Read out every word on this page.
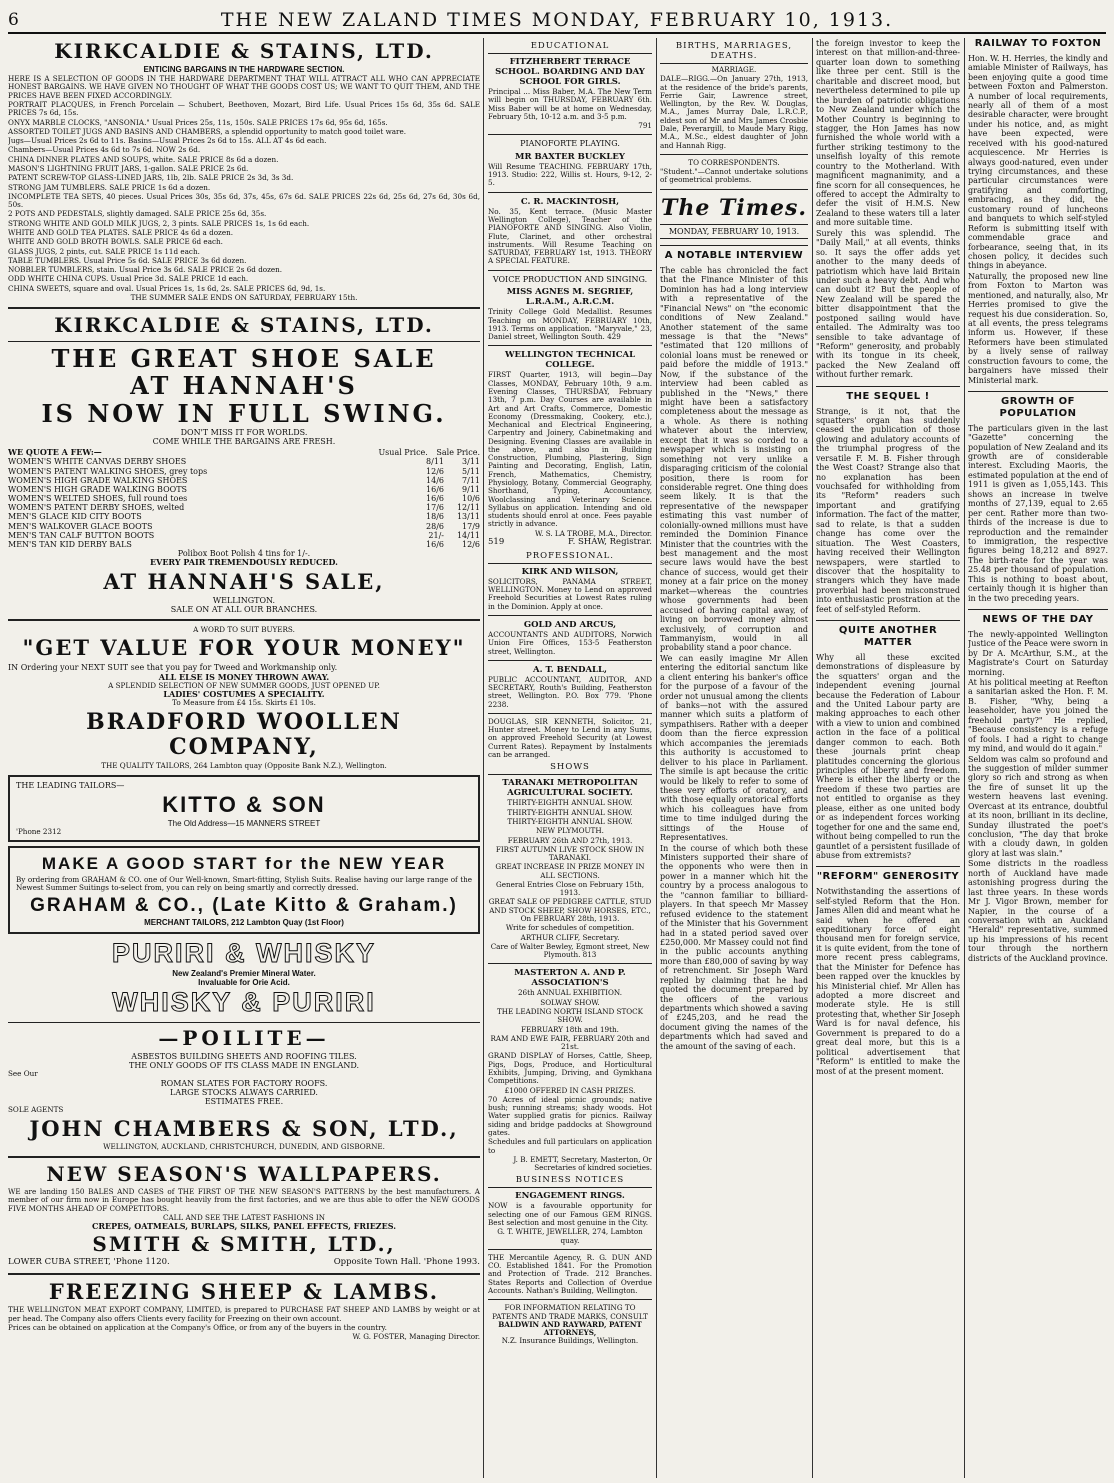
6	THE NEW ZALAND TIMES MONDAY, FEBRUARY 10, 1913.
KIRKCALDIE & STAINS, LTD.
ENTICING BARGAINS IN THE HARDWARE SECTION.

HERE IS A SELECTION OF GOODS IN THE HARDWARE DEPARTMENT THAT WILL ATTRACT ALL WHO CAN APPRECIATE HONEST BARGAINS. WE HAVE GIVEN NO THOUGHT OF WHAT THE GOODS COST US; WE WANT TO QUIT THEM, AND THE PRICES HAVE BEEN FIXED ACCORDINGLY.

PORTRAIT PLACQUES, in French Porcelain — Schubert, Beethoven, Mozart, Bird Life. Usual Prices 15s 6d, 35s 6d. SALE PRICES 7s 6d, 15s.

ONYX MARBLE CLOCKS, "ANSONIA." Usual Prices 25s, 11s, 150s. SALE PRICES 17s 6d, 95s 6d, 165s.

ASSORTED TOILET JUGS AND BASINS AND CHAMBERS, a splendid opportunity to match good toilet ware.

Jugs—Usual Prices 2s 6d to 11s. Basins—Usual Prices 2s 6d to 15s. ALL AT 4s 6d each.

Chambers—Usual Prices 4s 6d to 7s 6d. NOW 2s 6d.

CHINA DINNER PLATES AND SOUPS, white. SALE PRICE 8s 6d a dozen.

MASON'S LIGHTNING FRUIT JARS, 1-gallon. SALE PRICE 2s 6d.

PATENT SCREW-TOP GLASS-LINED JARS, 1lb, 2lb. SALE PRICE 2s 3d, 3s 3d.

STRONG JAM TUMBLERS. SALE PRICE 1s 6d a dozen.

INCOMPLETE TEA SETS, 40 pieces. Usual Prices 30s, 35s 6d, 37s, 45s, 67s 6d. SALE PRICES 22s 6d, 25s 6d, 27s 6d, 30s 6d, 50s.

2 POTS AND PEDESTALS, slightly damaged. SALE PRICE 25s 6d, 35s.

STRONG WHITE AND GOLD MILK JUGS, 2, 3 pints. SALE PRICES 1s, 1s 6d each.

WHITE AND GOLD TEA PLATES. SALE PRICE 4s 6d a dozen.

WHITE AND GOLD BROTH BOWLS. SALE PRICE 6d each.

GLASS JUGS, 2 pints, cut. SALE PRICE 1s 11d each.

TABLE TUMBLERS. Usual Price 5s 6d. SALE PRICE 3s 6d dozen.

NOBBLER TUMBLERS, stain. Usual Price 3s 6d. SALE PRICE 2s 6d dozen.

ODD WHITE CHINA CUPS. Usual Price 3d. SALE PRICE 1d each.

CHINA SWEETS, square and oval. Usual Prices 1s, 1s 6d, 2s. SALE PRICES 6d, 9d, 1s.

THE SUMMER SALE ENDS ON SATURDAY, FEBRUARY 15th.
KIRKCALDIE & STAINS, LTD.
THE GREAT SHOE SALE
AT HANNAH'S
IS NOW IN FULL SWING.
DON'T MISS IT FOR WORLDS.
COME WHILE THE BARGAINS ARE FRESH.
WE QUOTE A FEW:—	Usual Price. Sale Price.
WOMEN'S WHITE CANVAS DERBY SHOES	8/11	3/11
WOMEN'S PATENT WALKING SHOES, grey tops	12/6	5/11
WOMEN'S HIGH GRADE WALKING SHOES	14/6	7/11
WOMEN'S HIGH GRADE WALKING BOOTS	16/6	9/11
WOMEN'S WELTED SHOES, full round toes	16/6	10/6
WOMEN'S PATENT DERBY SHOES, welted	17/6	12/11
MEN'S GLACE KID CITY BOOTS	18/6	13/11
MEN'S WALKOVER GLACE BOOTS	28/6	17/9
MEN'S TAN CALF BUTTON BOOTS	21/-	14/11
MEN'S TAN KID DERBY BALS	16/6	12/6
Polibox Boot Polish 4 tins for 1/-.
EVERY PAIR TREMENDOUSLY REDUCED.
AT HANNAH'S SALE,
WELLINGTON.
SALE ON AT ALL OUR BRANCHES.
A WORD TO SUIT BUYERS.
"GET VALUE FOR YOUR MONEY"

IN Ordering your NEXT SUIT see that you pay for Tweed and Workmanship only.

ALL ELSE IS MONEY THROWN AWAY.
A SPLENDID SELECTION OF NEW SUMMER GOODS, JUST OPENED UP.
LADIES' COSTUMES A SPECIALITY.
To Measure from £4 15s. Skirts £1 10s.
BRADFORD WOOLLEN COMPANY,
THE QUALITY TAILORS, 264 Lambton quay (Opposite Bank N.Z.), Wellington.
THE LEADING TAILORS—
KITTO & SON
The Old Address—15 MANNERS STREET
'Phone 2312
MAKE A GOOD START for the NEW YEAR

By ordering from GRAHAM & CO. one of Our Well-known, Smart-fitting, Stylish Suits. Realise having our large range of the Newest Summer Suitings to-select from, you can rely on being smartly and correctly dressed.

GRAHAM & CO., (Late Kitto & Graham.)
MERCHANT TAILORS, 212 Lambton Quay (1st Floor)
PURIRI & WHISKY
New Zealand's Premier Mineral Water.
Invaluable for Orie Acid.
WHISKY & PURIRI
—POILITE—
ASBESTOS BUILDING SHEETS AND ROOFING TILES.
THE ONLY GOODS OF ITS CLASS MADE IN ENGLAND.
See Our
ROMAN SLATES FOR FACTORY ROOFS.
LARGE STOCKS ALWAYS CARRIED.
ESTIMATES FREE.
SOLE AGENTS
JOHN CHAMBERS & SON, LTD.,
WELLINGTON, AUCKLAND, CHRISTCHURCH, DUNEDIN, AND GISBORNE.
NEW SEASON'S WALLPAPERS.

WE are landing 150 BALES AND CASES of THE FIRST OF THE NEW SEASON'S PATTERNS by the best manufacturers. A member of our firm now in Europe has bought heavily from the first factories, and we are thus able to offer the NEW GOODS FIVE MONTHS AHEAD OF COMPETITORS.

CALL AND SEE THE LATEST FASHIONS IN
CREPES, OATMEALS, BURLAPS, SILKS, PANEL EFFECTS, FRIEZES.
SMITH & SMITH, LTD.,
LOWER CUBA STREET, 'Phone 1120.	Opposite Town Hall. 'Phone 1993.
FREEZING SHEEP & LAMBS.

THE WELLINGTON MEAT EXPORT COMPANY, LIMITED, is prepared to PURCHASE FAT SHEEP AND LAMBS by weight or at per head. The Company also offers Clients every facility for Freezing on their own account.

Prices can be obtained on application at the Company's Office, or from any of the buyers in the country.

W. G. FOSTER, Managing Director.
EDUCATIONAL
FITZHERBERT TERRACE SCHOOL. BOARDING AND DAY SCHOOL FOR GIRLS.

Principal ... Miss Baber, M.A. The New Term will begin on THURSDAY, FEBRUARY 6th. Miss Baber will be at home on Wednesday, February 5th, 10-12 a.m. and 3-5 p.m.

791
PIANOFORTE PLAYING.
MR BAXTER BUCKLEY

Will Resume TEACHING. FEBRUARY 17th, 1913. Studio: 222, Willis st. Hours, 9-12, 2-5.

C. R. MACKINTOSH,

No. 35, Kent terrace. (Music Master Wellington College), Teacher of the PIANOFORTE AND SINGING. Also Violin, Flute, Clarinet, and other orchestral instruments. Will Resume Teaching on SATURDAY, FEBRUARY 1st, 1913. THEORY A SPECIAL FEATURE.

VOICE PRODUCTION AND SINGING.
MISS AGNES M. SEGRIEF, L.R.A.M., A.R.C.M.

Trinity College Gold Medallist. Resumes Teaching on MONDAY, FEBRUARY 10th, 1913. Terms on application. "Maryvale," 23, Daniel street, Wellington South. 429

WELLINGTON TECHNICAL COLLEGE.

FIRST Quarter, 1913, will begin—Day Classes, MONDAY, February 10th, 9 a.m. Evening Classes, THURSDAY, February 13th, 7 p.m. Day Courses are available in Art and Art Crafts, Commerce, Domestic Economy (Dressmaking, Cookery, etc.), Mechanical and Electrical Engineering, Carpentry and Joinery, Cabinetmaking and Designing. Evening Classes are available in the above, and also in Building Construction, Plumbing, Plastering, Sign Painting and Decorating, English, Latin, French, Mathematics, Chemistry, Physiology, Botany, Commercial Geography, Shorthand, Typing, Accountancy, Woolclassing and Veterinary Science. Syllabus on application. Intending and old students should enrol at once. Fees payable strictly in advance.

W. S. LA TROBE, M.A., Director.
519	F. SHAW, Registrar.
PROFESSIONAL.
KIRK AND WILSON,

SOLICITORS, PANAMA STREET, WELLINGTON. Money to Lend on approved Freehold Securities at Lowest Rates ruling in the Dominion. Apply at once.

GOLD AND ARCUS,

ACCOUNTANTS AND AUDITORS, Norwich Union Fire Offices, 153-5 Featherston street, Wellington.

A. T. BENDALL,

PUBLIC ACCOUNTANT, AUDITOR, AND SECRETARY, Routh's Building, Featherston street, Wellington. P.O. Box 779. 'Phone 2238.

DOUGLAS, SIR KENNETH, Solicitor, 21, Hunter street. Money to Lend in any Sums, on approved Freehold Security (at Lowest Current Rates). Repayment by Instalments can be arranged.

SHOWS
TARANAKI METROPOLITAN AGRICULTURAL SOCIETY.

THIRTY-EIGHTH ANNUAL SHOW.

THIRTY-EIGHTH ANNUAL SHOW.

THIRTY-EIGHTH ANNUAL SHOW.

NEW PLYMOUTH.

FEBRUARY 26th AND 27th, 1913.

FIRST AUTUMN LIVE STOCK SHOW IN TARANAKI.

GREAT INCREASE IN PRIZE MONEY IN ALL SECTIONS.

General Entries Close on February 15th, 1913.

GREAT SALE OF PEDIGREE CATTLE, STUD AND STOCK SHEEP, SHOW HORSES, ETC., On FEBRUARY 28th, 1913.

Write for schedules of competition.

ARTHUR CLIFF, Secretary.

Care of Walter Bewley, Egmont street, New Plymouth. 813

MASTERTON A. AND P. ASSOCIATION'S

26th ANNUAL EXHIBITION.

SOLWAY SHOW.

THE LEADING NORTH ISLAND STOCK SHOW.

FEBRUARY 18th and 19th.

RAM AND EWE FAIR, FEBRUARY 20th and 21st.

GRAND DISPLAY of Horses, Cattle, Sheep, Pigs, Dogs, Produce, and Horticultural Exhibits, Jumping, Driving, and Gymkhana Competitions.

£1000 OFFERED IN CASH PRIZES.

70 Acres of ideal picnic grounds; native bush; running streams; shady woods. Hot Water supplied gratis for picnics. Railway siding and bridge paddocks at Showground gates.

Schedules and full particulars on application to

J. B. EMETT, Secretary, Masterton, Or Secretaries of kindred societies.

BUSINESS NOTICES
ENGAGEMENT RINGS.

NOW is a favourable opportunity for selecting one of our Famous GEM RINGS. Best selection and most genuine in the City.

G. T. WHITE, JEWELLER, 274, Lambton quay.

THE Mercantile Agency, R. G. DUN AND CO. Established 1841. For the Promotion and Protection of Trade. 212 Branches. States Reports and Collection of Overdue Accounts. Nathan's Building, Wellington.

FOR INFORMATION RELATING TO PATENTS AND TRADE MARKS, CONSULT
BALDWIN AND RAYWARD, PATENT ATTORNEYS,
N.Z. Insurance Buildings, Wellington.
BIRTHS, MARRIAGES, DEATHS.
MARRIAGE.

DALE—RIGG.—On January 27th, 1913, at the residence of the bride's parents, Ferrie Gair, Lawrence street, Wellington, by the Rev. W. Douglas, M.A., James Murray Dale, L.R.C.P., eldest son of Mr and Mrs James Crosbie Dale, Peverargill, to Maude Mary Rigg, M.A., M.Sc., eldest daughter of John and Hannah Rigg.

TO CORRESPONDENTS.

"Student."—Cannot undertake solutions of geometrical problems.

The Times.
MONDAY, FEBRUARY 10, 1913.
A NOTABLE INTERVIEW

The cable has chronicled the fact that the Finance Minister of this Dominion has had a long interview with a representative of the "Financial News" on "the economic conditions of New Zealand." Another statement of the same message is that the "News" "estimated that 120 millions of colonial loans must be renewed or paid before the middle of 1913." Now, if the substance of the interview had been cabled as published in the "News," there might have been a satisfactory completeness about the message as a whole. As there is nothing whatever about the interview, except that it was so corded to a newspaper which is insisting on something not very unlike a disparaging criticism of the colonial position, there is room for considerable regret. One thing does seem likely. It is that the representative of the newspaper estimating this vast number of colonially-owned millions must have reminded the Dominion Finance Minister that the countries with the best management and the most secure laws would have the best chance of success, would get their money at a fair price on the money market—whereas the countries whose governments had been accused of having capital away, of living on borrowed money almost exclusively, of corruption and Tammanyism, would in all probability stand a poor chance.

We can easily imagine Mr Allen entering the editorial sanctum like a client entering his banker's office for the purpose of a favour of the order not unusual among the clients of banks—not with the assured manner which suits a platform of sympathisers. Rather with a deeper doom than the fierce expression which accompanies the jeremiads this authority is accustomed to deliver to his place in Parliament. The simile is apt because the critic would be likely to refer to some of these very efforts of oratory, and with those equally oratorical efforts which his colleagues have from time to time indulged during the sittings of the House of Representatives.

In the course of which both these Ministers supported their share of the opponents who were then in power in a manner which hit the country by a process analogous to the "cannon familiar to billiard-players. In that speech Mr Massey refused evidence to the statement of the Minister that his Government had in a stated period saved over £250,000. Mr Massey could not find in the public accounts anything more than £80,000 of saving by way of retrenchment. Sir Joseph Ward replied by claiming that he had quoted the document prepared by the officers of the various departments which showed a saving of £245,203, and he read the document giving the names of the departments which had saved and the amount of the saving of each.

the foreign investor to keep the interest on that million-and-three-quarter loan down to something like three per cent. Still is the charitable and discreet mood, but nevertheless determined to pile up the burden of patriotic obligations to New Zealand under which the Mother Country is beginning to stagger, the Hon James has now furnished the whole world with a further striking testimony to the unselfish loyalty of this remote country to the Motherland. With magnificent magnanimity, and a fine scorn for all consequences, he offered to accept the Admiralty to defer the visit of H.M.S. New Zealand to these waters till a later and more suitable time.

Surely this was splendid. The "Daily Mail," at all events, thinks so. It says the offer adds yet another to the many deeds of patriotism which have laid Britain under such a heavy debt. And who can doubt it? But the people of New Zealand will be spared the bitter disappointment that the postponed sailing would have entailed. The Admiralty was too sensible to take advantage of "Reform" generosity, and probably with its tongue in its cheek, packed the New Zealand off without further remark.

THE SEQUEL !

Strange, is it not, that the squatters' organ has suddenly ceased the publication of those glowing and adulatory accounts of the triumphal progress of the versatile F. M. B. Fisher through the West Coast? Strange also that no explanation has been vouchsafed for withholding from its "Reform" readers such important and gratifying information. The fact of the matter, sad to relate, is that a sudden change has come over the situation. The West Coasters, having received their Wellington newspapers, were startled to discover that the hospitality to strangers which they have made proverbial had been misconstrued into enthusiastic prostration at the feet of self-styled Reform.

QUITE ANOTHER MATTER

Why all these excited demonstrations of displeasure by the squatters' organ and the independent evening journal because the Federation of Labour and the United Labour party are making approaches to each other with a view to union and combined action in the face of a political danger common to each. Both these journals print cheap platitudes concerning the glorious principles of liberty and freedom. Where is either the liberty or the freedom if these two parties are not entitled to organise as they please, either as one united body or as independent forces working together for one and the same end, without being compelled to run the gauntlet of a persistent fusillade of abuse from extremists?

"REFORM" GENEROSITY

Notwithstanding the assertions of self-styled Reform that the Hon. James Allen did and meant what he said when he offered an expeditionary force of eight thousand men for foreign service, it is quite evident, from the tone of more recent press cablegrams, that the Minister for Defence has been rapped over the knuckles by his Ministerial chief. Mr Allen has adopted a more discreet and moderate style. He is still protesting that, whether Sir Joseph Ward is for naval defence, his Government is prepared to do a great deal more, but this is a political advertisement that "Reform" is entitled to make the most of at the present moment.

RAILWAY TO FOXTON

Hon. W. H. Herries, the kindly and amiable Minister of Railways, has been enjoying quite a good time between Foxton and Palmerston. A number of local requirements, nearly all of them of a most desirable character, were brought under his notice, and, as might have been expected, were received with his good-natured acquiescence. Mr Herries is always good-natured, even under trying circumstances, and these particular circumstances were gratifying and comforting, embracing, as they did, the customary round of luncheons and banquets to which self-styled Reform is submitting itself with commendable grace and forbearance, seeing that, in its chosen policy, it decides such things in abeyance.

Naturally, the proposed new line from Foxton to Marton was mentioned, and naturally, also, Mr Herries promised to give the request his due consideration. So, at all events, the press telegrams inform us. However, if these Reformers have been stimulated by a lively sense of railway construction favours to come, the bargainers have missed their Ministerial mark.

GROWTH OF POPULATION

The particulars given in the last "Gazette" concerning the population of New Zealand and its growth are of considerable interest. Excluding Maoris, the estimated population at the end of 1911 is given as 1,055,143. This shows an increase in twelve months of 27,139, equal to 2.65 per cent. Rather more than two-thirds of the increase is due to reproduction and the remainder to immigration, the respective figures being 18,212 and 8927. The birth-rate for the year was 25.48 per thousand of population. This is nothing to boast about, certainly though it is higher than in the two preceding years.

NEWS OF THE DAY

The newly-appointed Wellington Justice of the Peace were sworn in by Dr A. McArthur, S.M., at the Magistrate's Court on Saturday morning.

At his political meeting at Reefton a sanitarian asked the Hon. F. M. B. Fisher, "Why, being a leaseholder, have you joined the freehold party?" He replied, "Because consistency is a refuge of fools. I had a right to change my mind, and would do it again."

Seldom was calm so profound and the suggestion of milder summer glory so rich and strong as when the fire of sunset lit up the western heavens last evening. Overcast at its entrance, doubtful at its noon, brilliant in its decline, Sunday illustrated the poet's conclusion, "The day that broke with a cloudy dawn, in golden glory at last was slain."

Some districts in the roadless north of Auckland have made astonishing progress during the last three years. In these words Mr J. Vigor Brown, member for Napier, in the course of a conversation with an Auckland "Herald" representative, summed up his impressions of his recent tour through the northern districts of the Auckland province.
